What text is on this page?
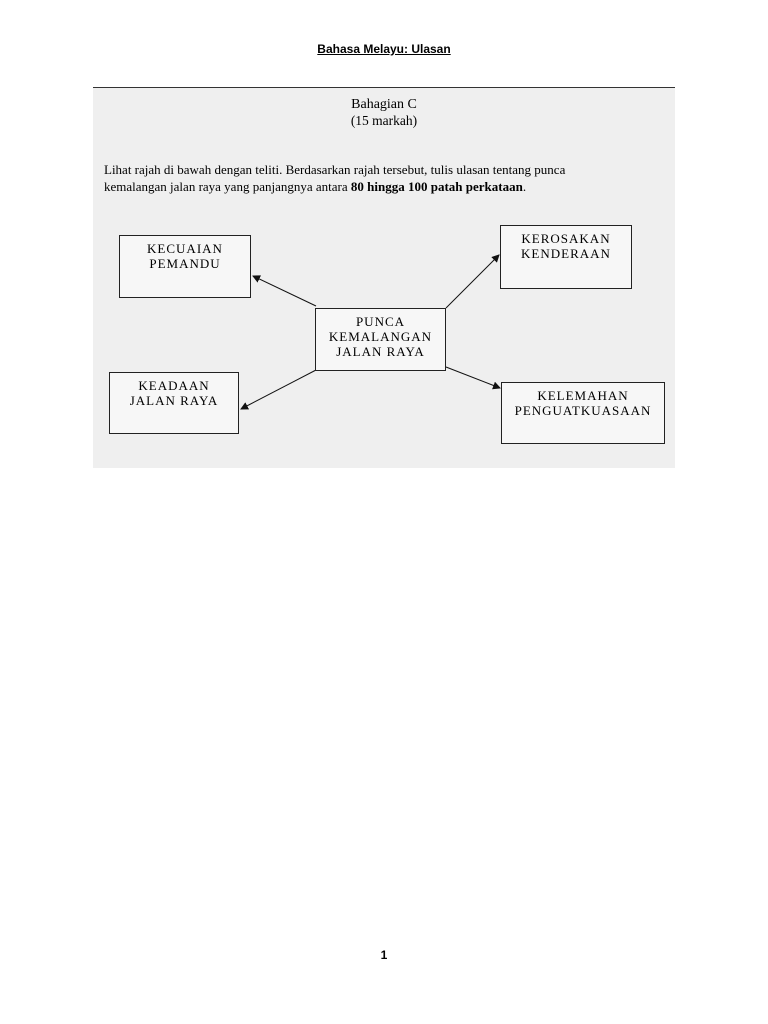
Bahasa Melayu: Ulasan
Bahagian C
(15 markah)
Lihat rajah di bawah dengan teliti. Berdasarkan rajah tersebut, tulis ulasan tentang punca
kemalangan jalan raya yang panjangnya antara 80 hingga 100 patah perkataan.
KECUAIAN
PEMANDU
KEROSAKAN
KENDERAAN
PUNCA
KEMALANGAN
JALAN RAYA
KEADAAN
JALAN RAYA	KELEMAHAN
PENGUATKUASAAN
1
